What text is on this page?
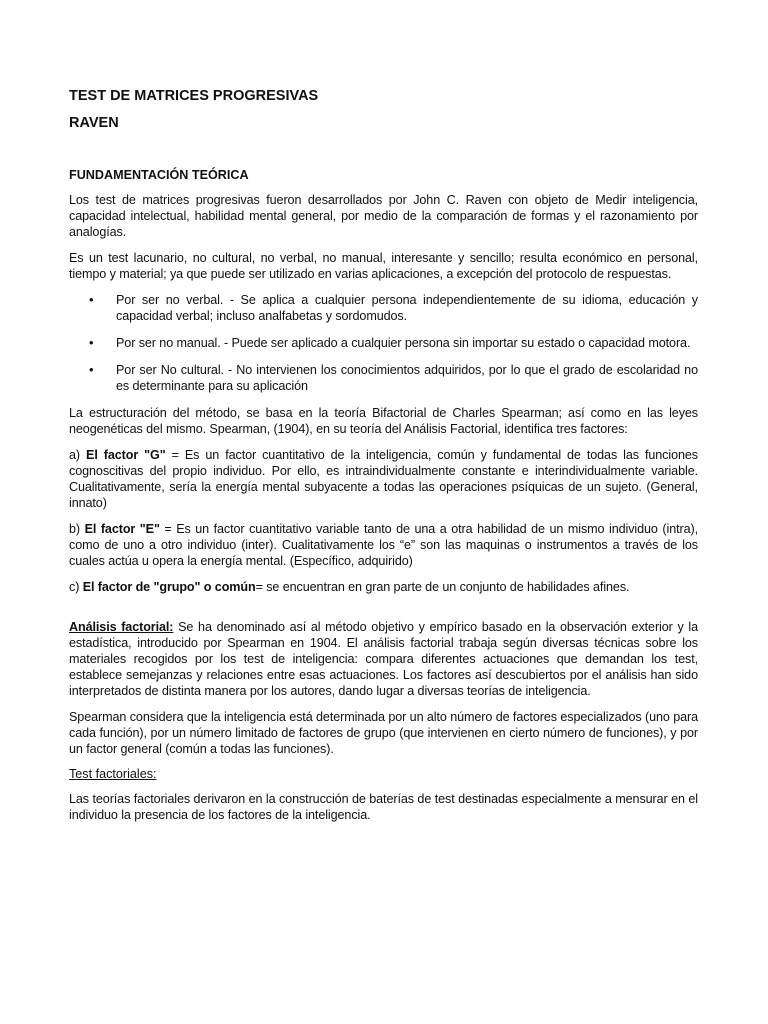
TEST DE MATRICES PROGRESIVAS
RAVEN
FUNDAMENTACIÓN TEÓRICA

Los test de matrices progresivas fueron desarrollados por John C. Raven con objeto de Medir inteligencia, capacidad intelectual, habilidad mental general, por medio de la comparación de formas y el razonamiento por analogías.

Es un test lacunario, no cultural, no verbal, no manual, interesante y sencillo; resulta económico en personal, tiempo y material; ya que puede ser utilizado en varias aplicaciones, a excepción del protocolo de respuestas.

• Por ser no verbal. - Se aplica a cualquier persona independientemente de su idioma, educación y capacidad verbal; incluso analfabetas y sordomudos.
• Por ser no manual. - Puede ser aplicado a cualquier persona sin importar su estado o capacidad motora.
• Por ser No cultural. - No intervienen los conocimientos adquiridos, por lo que el grado de escolaridad no es determinante para su aplicación

La estructuración del método, se basa en la teoría Bifactorial de Charles Spearman; así como en las leyes neogenéticas del mismo. Spearman, (1904), en su teoría del Análisis Factorial, identifica tres factores:

a) El factor "G" = Es un factor cuantitativo de la inteligencia, común y fundamental de todas las funciones cognoscitivas del propio individuo. Por ello, es intraindividualmente constante e interindividualmente variable. Cualitativamente, sería la energía mental subyacente a todas las operaciones psíquicas de un sujeto. (General, innato)

b) El factor "E" = Es un factor cuantitativo variable tanto de una a otra habilidad de un mismo individuo (intra), como de uno a otro individuo (inter). Cualitativamente los “e” son las maquinas o instrumentos a través de los cuales actúa u opera la energía mental. (Específico, adquirido)

c) El factor de "grupo" o común= se encuentran en gran parte de un conjunto de habilidades afines.

Análisis factorial: Se ha denominado así al método objetivo y empírico basado en la observación exterior y la estadística, introducido por Spearman en 1904. El análisis factorial trabaja según diversas técnicas sobre los materiales recogidos por los test de inteligencia: compara diferentes actuaciones que demandan los test, establece semejanzas y relaciones entre esas actuaciones. Los factores así descubiertos por el análisis han sido interpretados de distinta manera por los autores, dando lugar a diversas teorías de inteligencia.

Spearman considera que la inteligencia está determinada por un alto número de factores especializados (uno para cada función), por un número limitado de factores de grupo (que intervienen en cierto número de funciones), y por un factor general (común a todas las funciones).

Test factoriales:

Las teorías factoriales derivaron en la construcción de baterías de test destinadas especialmente a mensurar en el individuo la presencia de los factores de la inteligencia.
